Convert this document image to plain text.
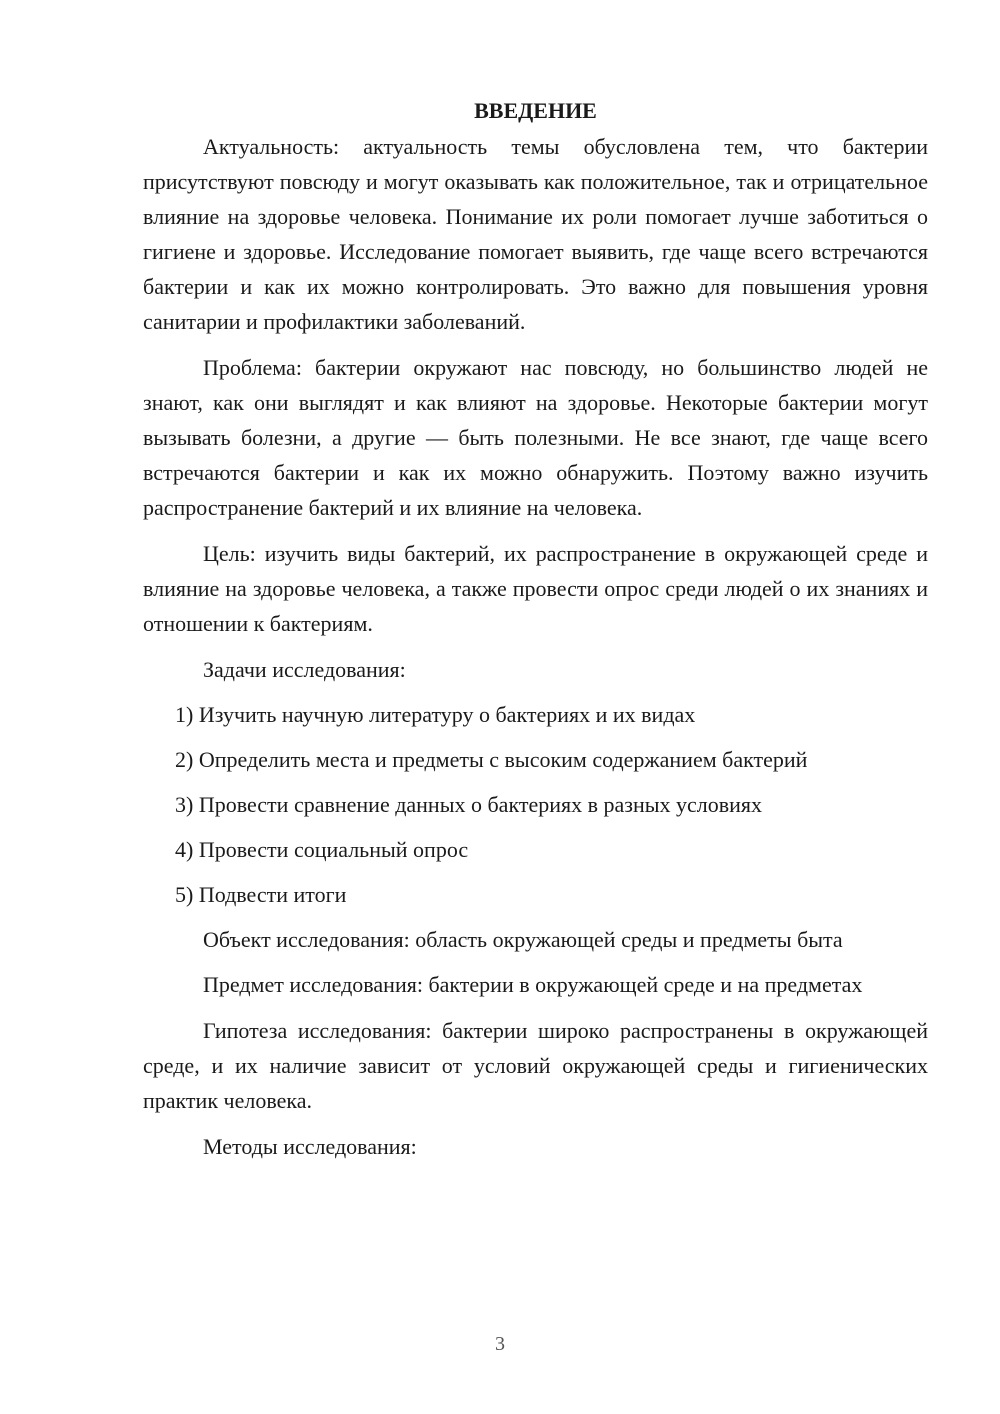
ВВЕДЕНИЕ

Актуальность: актуальность темы обусловлена тем, что бактерии присутствуют повсюду и могут оказывать как положительное, так и отрицательное влияние на здоровье человека. Понимание их роли помогает лучше заботиться о гигиене и здоровье. Исследование помогает выявить, где чаще всего встречаются бактерии и как их можно контролировать. Это важно для повышения уровня санитарии и профилактики заболеваний.

Проблема: бактерии окружают нас повсюду, но большинство людей не знают, как они выглядят и как влияют на здоровье. Некоторые бактерии могут вызывать болезни, а другие — быть полезными. Не все знают, где чаще всего встречаются бактерии и как их можно обнаружить. Поэтому важно изучить распространение бактерий и их влияние на человека.

Цель: изучить виды бактерий, их распространение в окружающей среде и влияние на здоровье человека, а также провести опрос среди людей о их знаниях и отношении к бактериям.

Задачи исследования:

1) Изучить научную литературу о бактериях и их видах
2) Определить места и предметы с высоким содержанием бактерий
3) Провести сравнение данных о бактериях в разных условиях
4) Провести социальный опрос
5) Подвести итоги

Объект исследования: область окружающей среды и предметы быта

Предмет исследования: бактерии в окружающей среде и на предметах

Гипотеза исследования: бактерии широко распространены в окружающей среде, и их наличие зависит от условий окружающей среды и гигиенических практик человека.

Методы исследования:

3
